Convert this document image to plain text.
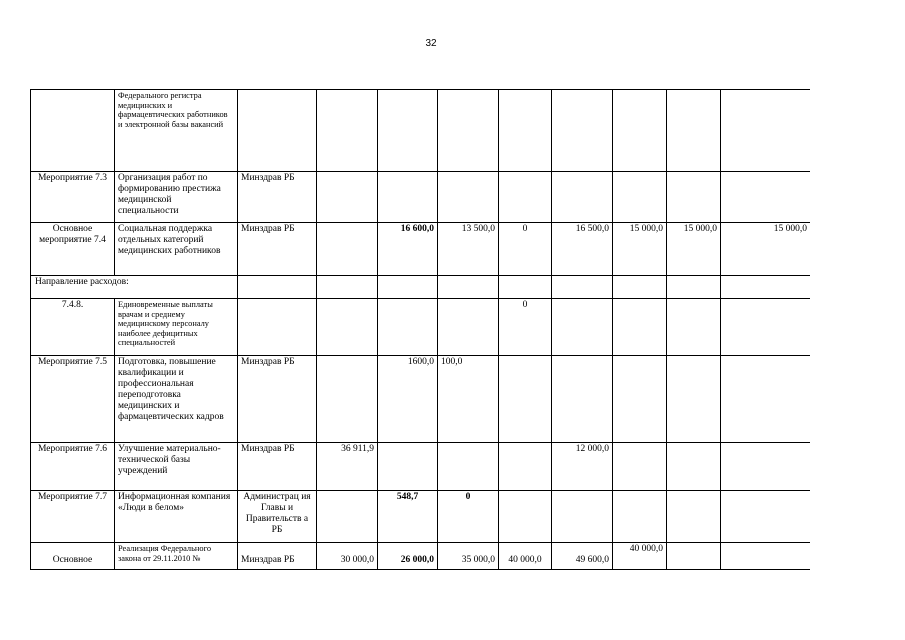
32
	Федерального регистра медицинских и фармацевтических работников и электронной базы вакансий									
Мероприятие 7.3	Организация работ по формированию престижа медицинской специальности	Минздрав РБ								
Основное мероприятие 7.4	Социальная поддержка отдельных категорий медицинских работников	Минздрав РБ		16 600,0	13 500,0	0	16 500,0	15 000,0	15 000,0	15 000,0
Направление расходов:										
7.4.8.	Единовременные выплаты врачам и среднему медицинскому персоналу наиболее дефицитных специальностей					0				
Мероприятие 7.5	Подготовка, повышение квалификации и профессиональная переподготовка медицинских и фармацевтических кадров	Минздрав РБ		1600,0	100,0					
Мероприятие 7.6	Улучшение материально-технической базы учреждений	Минздрав РБ	36 911,9				12 000,0			
Мероприятие 7.7	Информационная компания «Люди в белом»	Администрац ия Главы и Правительств а РБ		548,7	0					
Основное	Реализация Федерального закона от 29.11.2010 №	Минздрав РБ	30 000,0	26 000,0	35 000,0	40 000,0	49 600,0	40 000,0		
